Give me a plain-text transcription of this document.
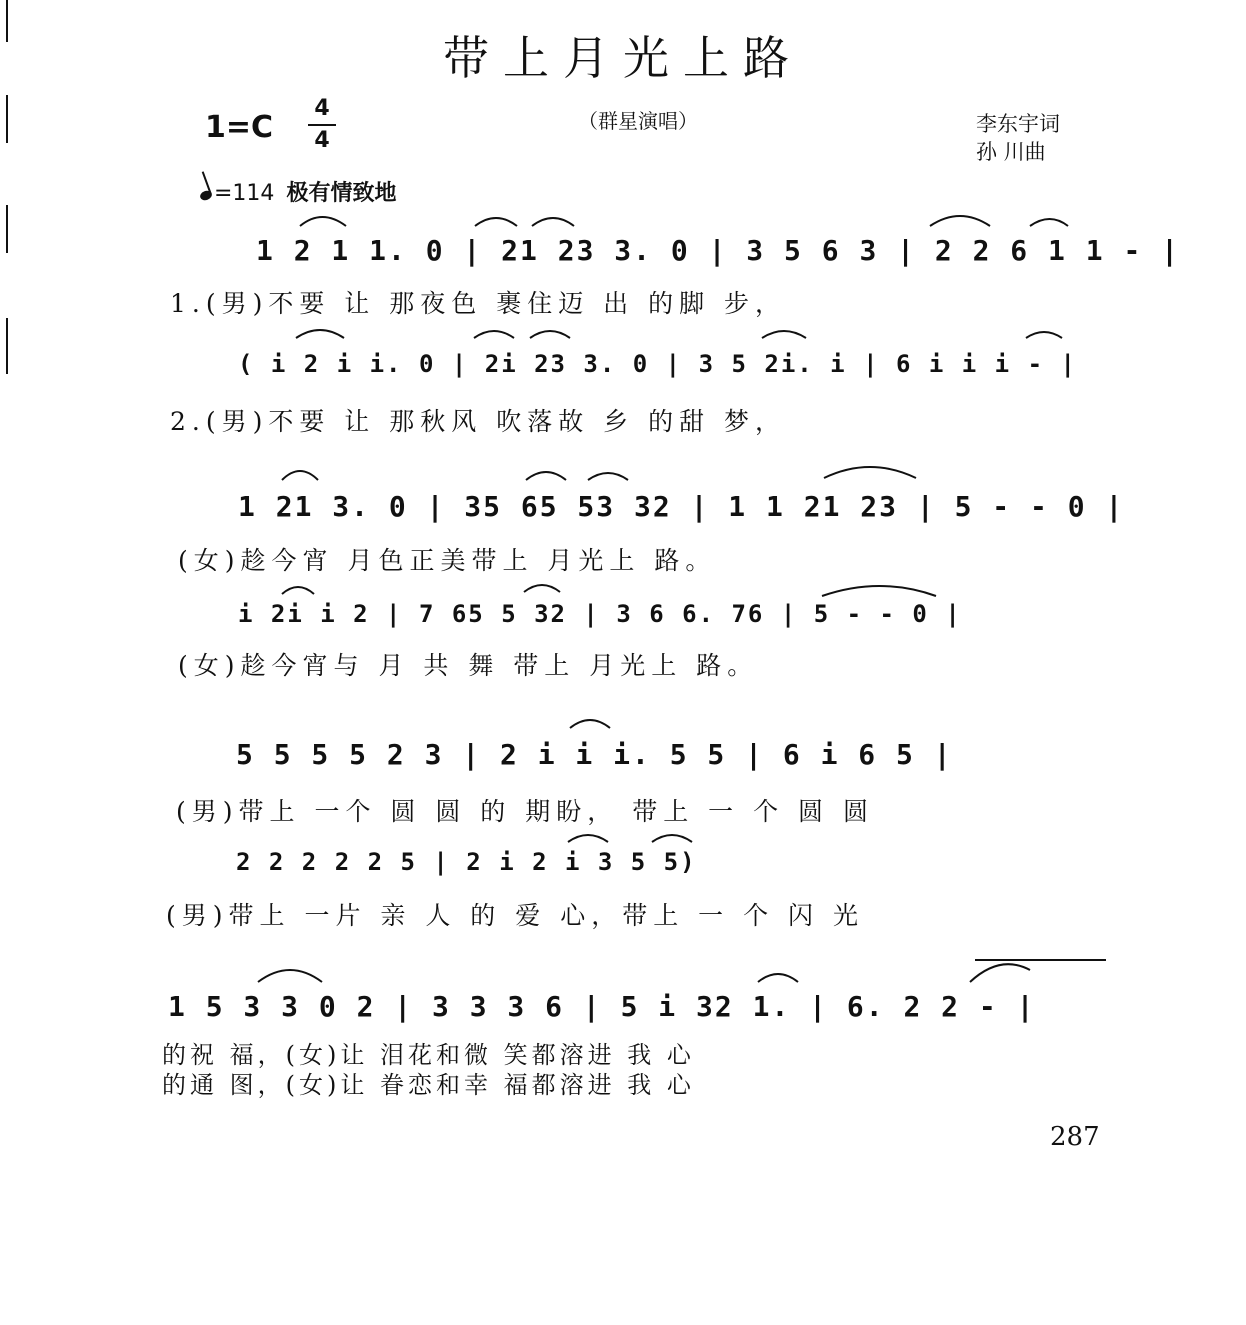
带上月光上路
1=C
4
4
（群星演唱）	李东宇词
孙 川曲
=114 极有情致地
1 2 1 1. 0 | 21 23 3. 0 | 3 5 6 3 | 2 2 6 1 1 - |
1.(男)不要 让 那夜色 裹住迈 出 的脚 步，
( i 2 i i. 0 | 2i 23 3. 0 | 3 5 2i. i | 6 i i i - |
2.(男)不要 让 那秋风 吹落故 乡 的甜 梦，
1 21 3. 0 | 35 65 53 32 | 1 1 21 23 | 5 - - 0 |
(女)趁今宵 月色正美带上 月光上 路。
i 2i i 2 | 7 65 5 32 | 3 6 6. 76 | 5 - - 0 |
(女)趁今宵与 月 共 舞 带上 月光上 路。
5 5 5 5 2 3 | 2 i i i. 5 5 | 6 i 6 5 |
(男)带上 一个 圆 圆 的 期盼， 带上 一 个 圆 圆
2 2 2 2 2 5 | 2 i 2 i 3 5 5)
(男)带上 一片 亲 人 的 爱 心，带上 一 个 闪 光
1 5 3 3 0 2 | 3 3 3 6 | 5 i 32 1. | 6. 2 2 - |
的祝 福，(女)让 泪花和微 笑都溶进 我 心
的通 图，(女)让 眷恋和幸 福都溶进 我 心
287
